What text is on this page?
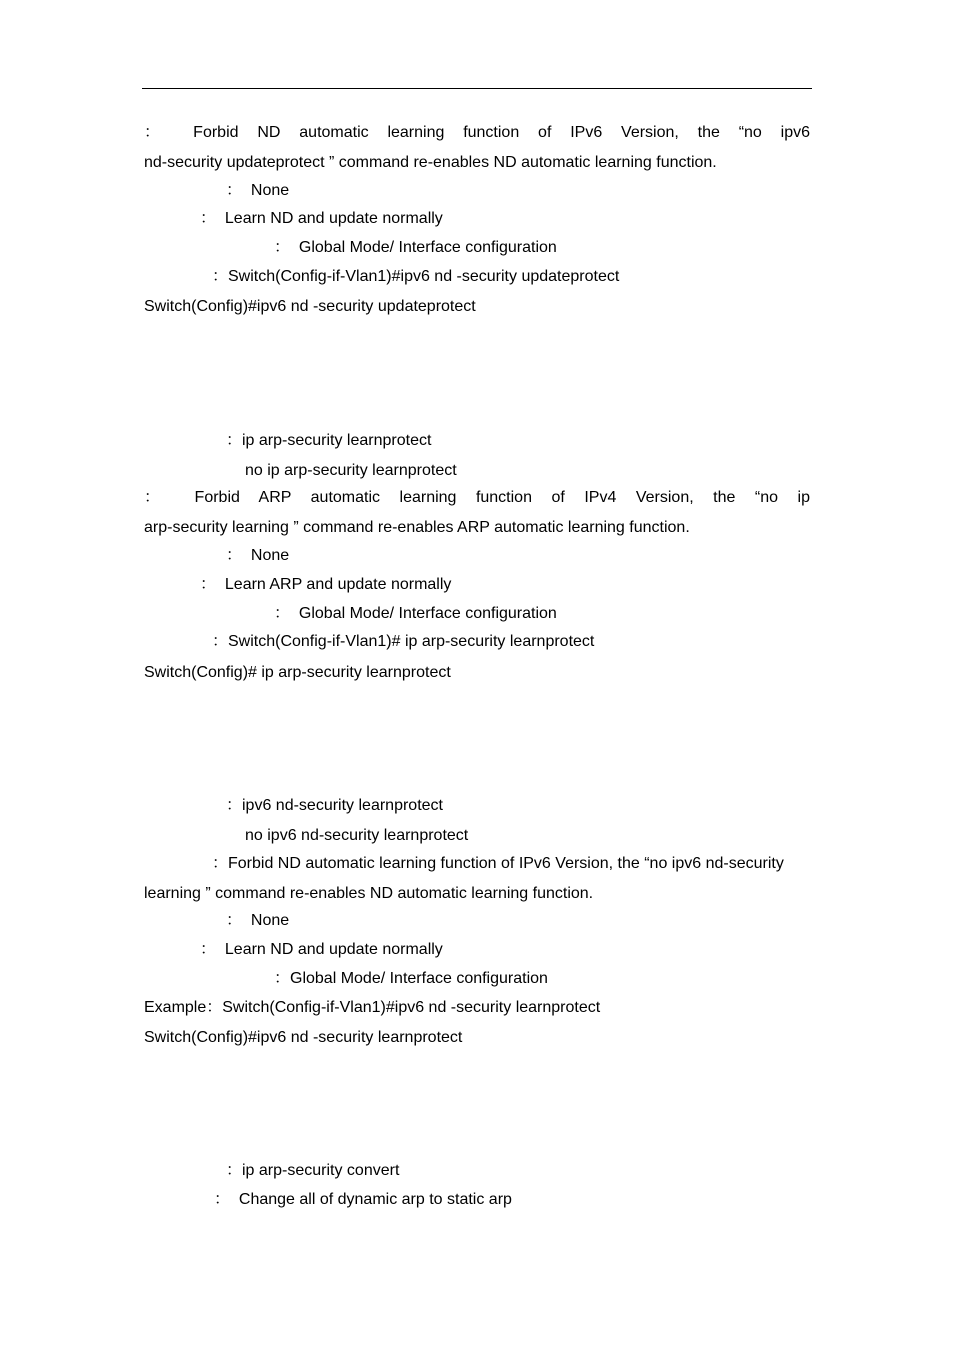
： Forbid ND automatic learning function of IPv6 Version, the “no ipv6
nd-security updateprotect ” command re-enables ND automatic learning function.
：  None
：  Learn ND and update normally
：  Global Mode/ Interface configuration
：Switch(Config-if-Vlan1)#ipv6 nd -security updateprotect
Switch(Config)#ipv6 nd -security updateprotect
：ip arp-security learnprotect
no ip arp-security learnprotect
： Forbid ARP automatic learning function of IPv4 Version, the “no ip
arp-security learning ” command re-enables ARP automatic learning function.
：  None
：  Learn ARP and update normally
：  Global Mode/ Interface configuration
：Switch(Config-if-Vlan1)# ip arp-security learnprotect
Switch(Config)# ip arp-security learnprotect
：ipv6 nd-security learnprotect
no ipv6 nd-security learnprotect
：Forbid ND automatic learning function of IPv6 Version, the “no ipv6 nd-security
learning ” command re-enables ND automatic learning function.
：  None
：  Learn ND and update normally
：Global Mode/ Interface configuration
Example：Switch(Config-if-Vlan1)#ipv6 nd -security learnprotect
Switch(Config)#ipv6 nd -security learnprotect
：ip arp-security convert
：  Change all of dynamic arp to static arp
